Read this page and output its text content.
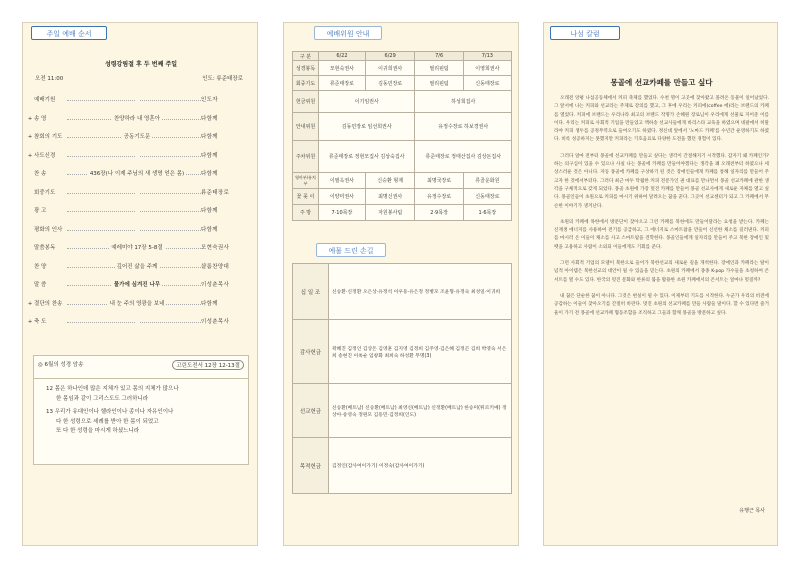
주일 예배 순서
성령강림절 후 두 번째 주일
오전 11:00	인도: 류준태장로
예배기원	인도자
+ 송 영	찬양하라 내 영혼아	다함께
+ 참회의 기도	공동기도문	다함께
+ 사도신경	다함께
찬 송	436장(나 이제 주님의 새 생명 얻은 몸)	다함께
회중기도	류준태장로
광 고	다함께
평화의 인사	다함께
말씀봉독	예레미야 17장 5-8절	모현숙권사
찬 양	깊어진 삶을 주께	샬롬찬양대
말 씀	물가에 심겨진 나무	이성춘목사
+ 결단의 찬송	내 눈 주의 영광을 보네	다함께
+ 축 도	이성춘목사
◎ 6월의 성경 암송	고린도전서 12장 12-13절

12 몸은 하나인데 많은 지체가 있고 몸의 지체가 많으나
한 몸임과 같이 그리스도도 그러하니라

13 우리가 유대인이나 헬라인이나 종이나 자유인이나
다 한 성령으로 세례를 받아 한 몸이 되었고
또 다 한 성령을 마시게 하셨느니라

예배위원 안내
구 분	6/22	6/29	7/6	7/13
성경봉독	모현숙권사	이귀희권사	필리핀팀	이영희권사
회중기도	류준태장로	김동민장로	필리핀팀	신동태장로
헌금위원	이기임권사		하성희집사	
안내위원	김동민장로 임선희권사		유정수장로 하보경권사	
주차위원	류준태장로 정현모집사 김상숙집사		류준태장로 정태산집사 김상돈집사	
영아부/유치부	이필옥권사	신승환 형제	최명국장로	류골운화원
꽃 꽂 이	이양미권사	최명신권사	유정수장로	신동태장로
주 방	7·10목장	자원봉사팀	2·9목장	1·6목장
예물 드린 손길
십 일 조	신승환·신정환 오은상·유정석 이우동·유은정 정병모 조윤형·유정숙 최성일·이귀희
감사헌금	곽혜진 김정인 김상돈 김영훈 김지영 김정희 김주영·김은혜 김정곤 김희 박영숙 서은희 송현진 이옥순 임창화 최희숙 하성환 무명(3)
선교헌금	신승환(베트남) 신승환(베트남) 최영신(베트남) 신정환(베트남) 한승미(튀르키예) 정상아·송영숙 정원모 김동민·김정희(인도)
목적헌금	김정인(감사여이가기) 이정숙(감사여이가기)
나섬 칼럼
몽골에 선교카페를 만들고 싶다

오래전 앙평 나섬공동체에서 커피 축제를 했었다. 수천 명이 고곳에 찾아왔고 몰려온 동물이 일어났었다. 그 앞서에 나는 커피와 선교라는 주제로 강의를 했고, 그 후에 우리는 커피에(coffee 에)라는 브랜드의 카페를 열었다. 커피에 브랜드는 우리나라 최고의 브랜드 작명가 손혜원 장로님이 우리에게 선물로 지어준 이름이다. 우리는 커피로 사회적 기업을 만들었고 액하송 선교사들에게 바리스타 교육을 하였으며 네팔에서 히말라야 커피 생두를 공정무역으로 들여오기도 하였다. 정신대 앞에서 '노마드 카페'를 수년간 운영하기도 하였다. 비록 성공하지는 못했지만 커피라는 기호음료로 다양한 도전을 했던 경험이 있다.

그러다 얼마 전부터 몽골에 선교카페를 만들고 싶다는 생각이 간절해지기 시작했다. 갑자기 왜 카페인가? 하는 의구심이 있을 수 있으나 사실 나는 몽골에 카페를 만들어야겠다는 생각을 꽤 오래전부터 하였으나 세상스러운 것은 아니다. 자동 몽골에 카페를 구상하기 된 것은 장애인들에게 카페를 통해 일자리를 만들어 주고자 한 것에서부터다. 그러다 최근 마두 탁월한 커피 전문가인 권 대표를 만나면서 몽골 선교카페에 관한 생각을 구체적으로 갖게 되었다. 몽골 초원에 가장 멋진 카페를 만들어 몽골 선교사에게 새로운 자체를 열고 싶다. 몽골인들이 초원으로 커피를 마시기 위하여 달려오는 꿈을 꾼다. 그곳이 선교센터가 되고 그 카페에서 무슨한 이야기가 생겨난다.

초원의 카페에 목한에서 방문단이 찾아오고 그런 카페를 북한에도 만들어달라는 요청을 받는다. 카페는 신재생 에너지를 사용하여 전기를 공급하고, 그 에너지로 스마트팜을 만들어 신선한 채소를 길러낸다. 커피를 마시러 온 이들이 채소를 사고 스마트팜을 견학한다. 몽골인들에게 일자리를 만들어 주고 북한 장애인 및 뗏을 고용하고 사람이 소외되 이들에게도 기회를 준다.

그런 사회적 기업의 모델이 북한으로 들어가 북한선교의 새로운 길을 개척한다. 장애인과 카페라는 탈이념적 아이템은 북한선교의 대안이 될 수 있음을 믿는다. 초원의 카페에서 종종 K-pop 가수들을 초청하여 콘서트를 열 수도 있다. 한국의 멋진 문화와 한류의 붐을 활용한 초원 카페에서의 콘서트는 얼마나 멋질까?

내 꿈은 단순한 꿈이 아니다. 그것은 현실이 될 수 있다. 이제부터 기도를 시작한다. 누군가 우리의 비전에 공감하는 이들이 찾아오기를 간절히 바란다. 멋진 초원의 선교카페를 만들 사람들 말이다. 할 수 있다면 즐거울이 가기 전 몽골에 선교카페 협동조합을 조직하고 그들과 함께 몽골을 방문하고 싶다.

유행근 목사
